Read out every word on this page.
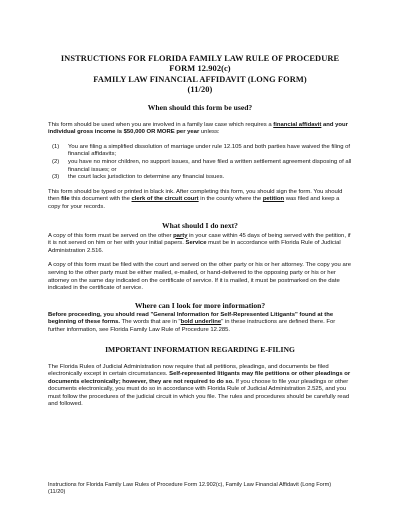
INSTRUCTIONS FOR FLORIDA FAMILY LAW RULE OF PROCEDURE
FORM 12.902(c)
FAMILY LAW FINANCIAL AFFIDAVIT (LONG FORM)
(11/20)
When should this form be used?

This form should be used when you are involved in a family law case which requires a financial affidavit and your individual gross income is $50,000 OR MORE per year unless:

(1)	You are filing a simplified dissolution of marriage under rule 12.105 and both parties have waived the filing of financial affidavits;
(2)	you have no minor children, no support issues, and have filed a written settlement agreement disposing of all financial issues; or
(3)	the court lacks jurisdiction to determine any financial issues.

This form should be typed or printed in black ink. After completing this form, you should sign the form. You should then file this document with the clerk of the circuit court in the county where the petition was filed and keep a copy for your records.

What should I do next?

A copy of this form must be served on the other party in your case within 45 days of being served with the petition, if it is not served on him or her with your initial papers. Service must be in accordance with Florida Rule of Judicial Administration 2.516.

A copy of this form must be filed with the court and served on the other party or his or her attorney. The copy you are serving to the other party must be either mailed, e-mailed, or hand-delivered to the opposing party or his or her attorney on the same day indicated on the certificate of service. If it is mailed, it must be postmarked on the date indicated in the certificate of service.

Where can I look for more information?

Before proceeding, you should read "General Information for Self-Represented Litigants" found at the beginning of these forms. The words that are in "bold underline" in these instructions are defined there. For further information, see Florida Family Law Rule of Procedure 12.285.

IMPORTANT INFORMATION REGARDING E-FILING

The Florida Rules of Judicial Administration now require that all petitions, pleadings, and documents be filed electronically except in certain circumstances. Self-represented litigants may file petitions or other pleadings or documents electronically; however, they are not required to do so. If you choose to file your pleadings or other documents electronically, you must do so in accordance with Florida Rule of Judicial Administration 2.525, and you must follow the procedures of the judicial circuit in which you file. The rules and procedures should be carefully read and followed.

Instructions for Florida Family Law Rules of Procedure Form 12.902(c), Family Law Financial Affidavit (Long Form)
(11/20)
